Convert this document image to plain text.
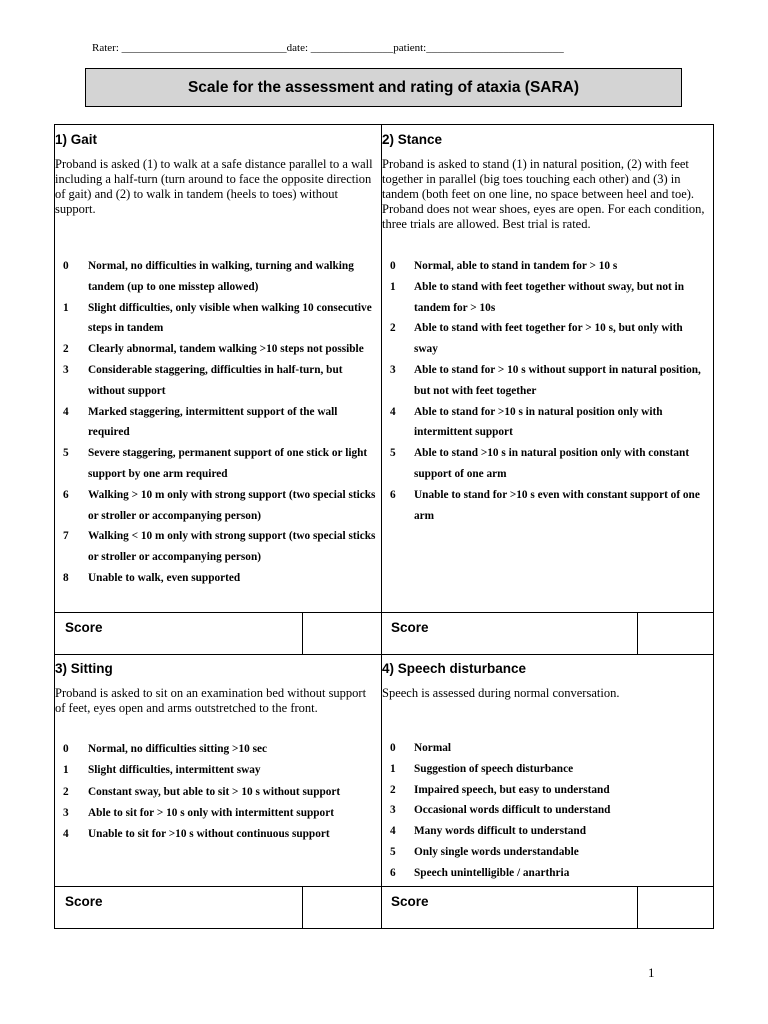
Rater: ______________________________date: _______________patient:_________________________
Scale for the assessment and rating of ataxia (SARA)
1) Gait
Proband is asked (1) to walk at a safe distance parallel to a wall including a half-turn (turn around to face the opposite direction of gait) and (2) to walk in tandem (heels to toes) without support.
0	Normal, no difficulties in walking, turning and walking tandem (up to one misstep allowed)
1	Slight difficulties, only visible when walking 10 consecutive steps in tandem
2	Clearly abnormal, tandem walking >10 steps not possible
3	Considerable staggering, difficulties in half-turn, but without support
4	Marked staggering, intermittent support of the wall required
5	Severe staggering, permanent support of one stick or light support by one arm required
6	Walking > 10 m only with strong support (two special sticks or stroller or accompanying person)
7	Walking < 10 m only with strong support (two special sticks or stroller or accompanying person)
8	Unable to walk, even supported
Score
2) Stance
Proband is asked to stand (1) in natural position, (2) with feet together in parallel (big toes touching each other) and (3) in tandem (both feet on one line, no space between heel and toe). Proband does not wear shoes, eyes are open. For each condition, three trials are allowed. Best trial is rated.
0	Normal, able to stand in tandem for > 10 s
1	Able to stand with feet together without sway, but not in tandem for > 10s
2	Able to stand with feet together for > 10 s, but only with sway
3	Able to stand for > 10 s without support in natural position, but not with feet together
4	Able to stand for >10 s in natural position only with intermittent support
5	Able to stand >10 s in natural position only with constant support of one arm
6	Unable to stand for >10 s even with constant support of one arm
Score
3) Sitting
Proband is asked to sit on an examination bed without support of feet, eyes open and arms outstretched to the front.
0	Normal, no difficulties sitting >10 sec
1	Slight difficulties, intermittent sway
2	Constant sway, but able to sit > 10 s without support
3	Able to sit for > 10 s only with intermittent support
4	Unable to sit for >10 s without continuous support
Score
4) Speech disturbance
Speech is assessed during normal conversation.
0	Normal
1	Suggestion of speech disturbance
2	Impaired speech, but easy to understand
3	Occasional words difficult to understand
4	Many words difficult to understand
5	Only single words understandable
6	Speech unintelligible / anarthria
Score
1
